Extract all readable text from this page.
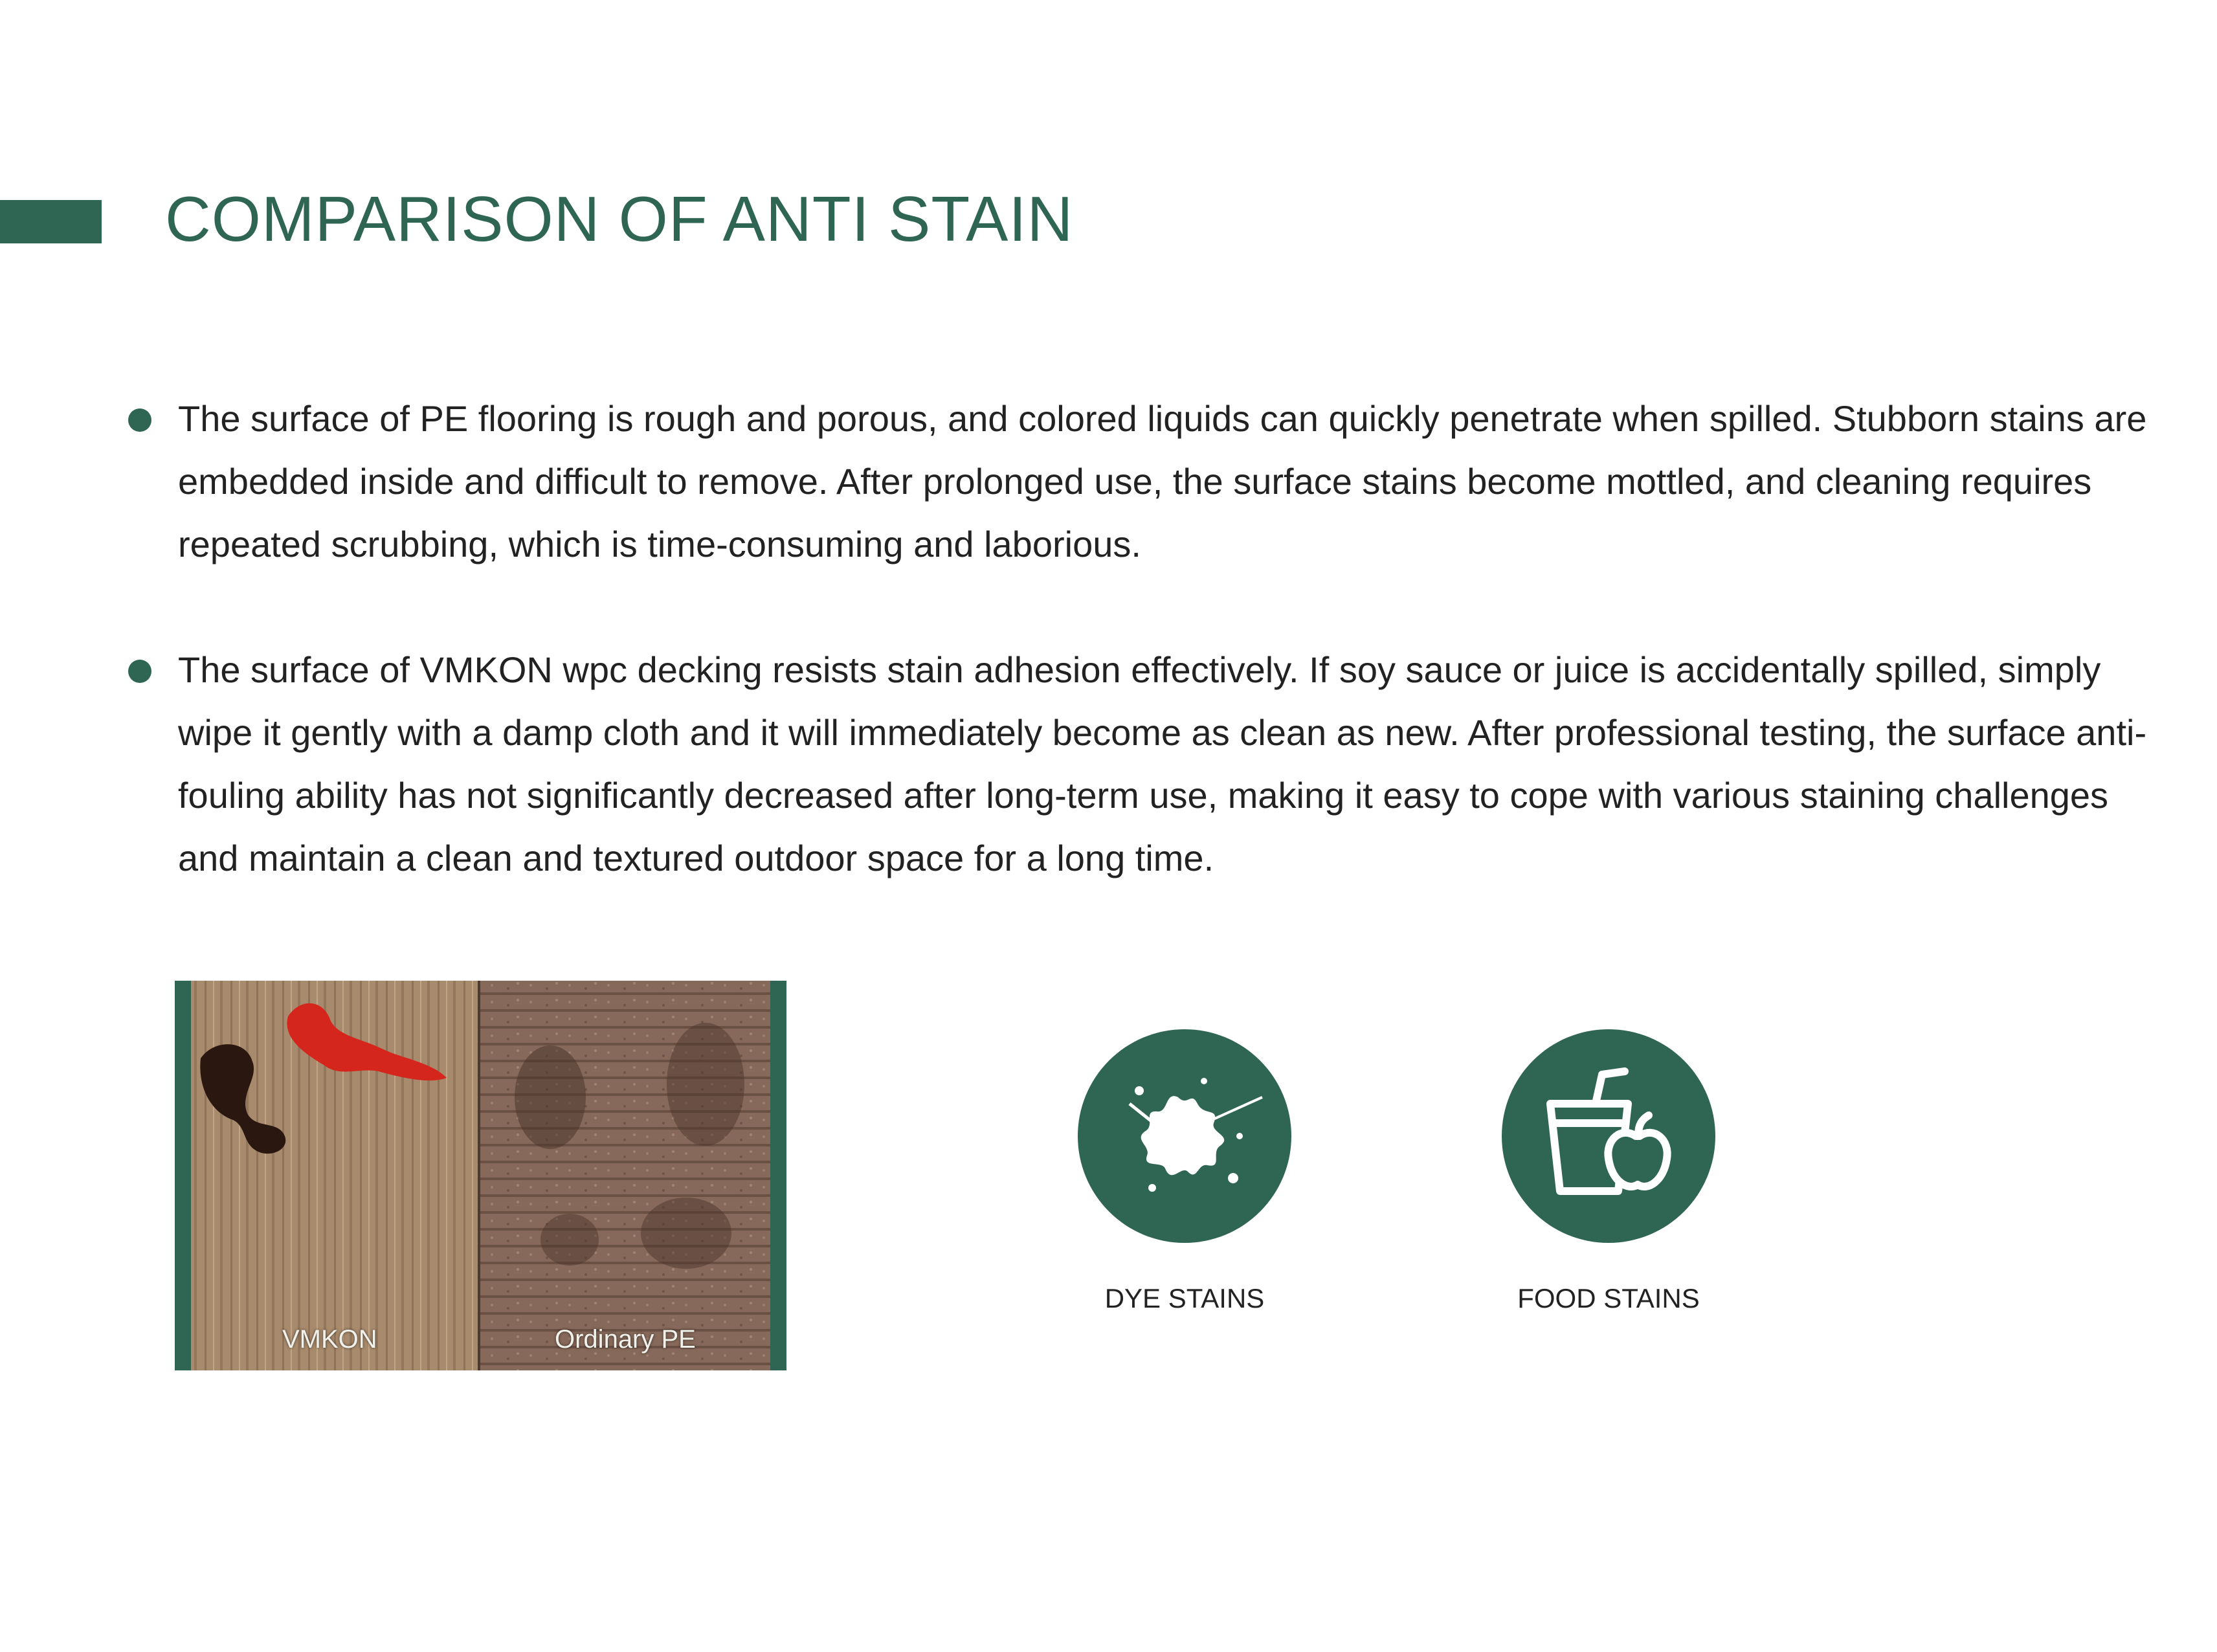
COMPARISON OF ANTI STAIN
The surface of PE flooring is rough and porous, and colored liquids can quickly penetrate when spilled. Stubborn stains are embedded inside and difficult to remove. After prolonged use, the surface stains become mottled, and cleaning requires repeated scrubbing, which is time-consuming and laborious.
The surface of VMKON wpc decking resists stain adhesion effectively. If soy sauce or juice is accidentally spilled, simply wipe it gently with a damp cloth and it will immediately become as clean as new. After professional testing, the surface anti-fouling ability has not significantly decreased after long-term use, making it easy to cope with various staining challenges and maintain a clean and textured outdoor space for a long time.
VMKON	Ordinary PE
DYE STAINS	FOOD STAINS
